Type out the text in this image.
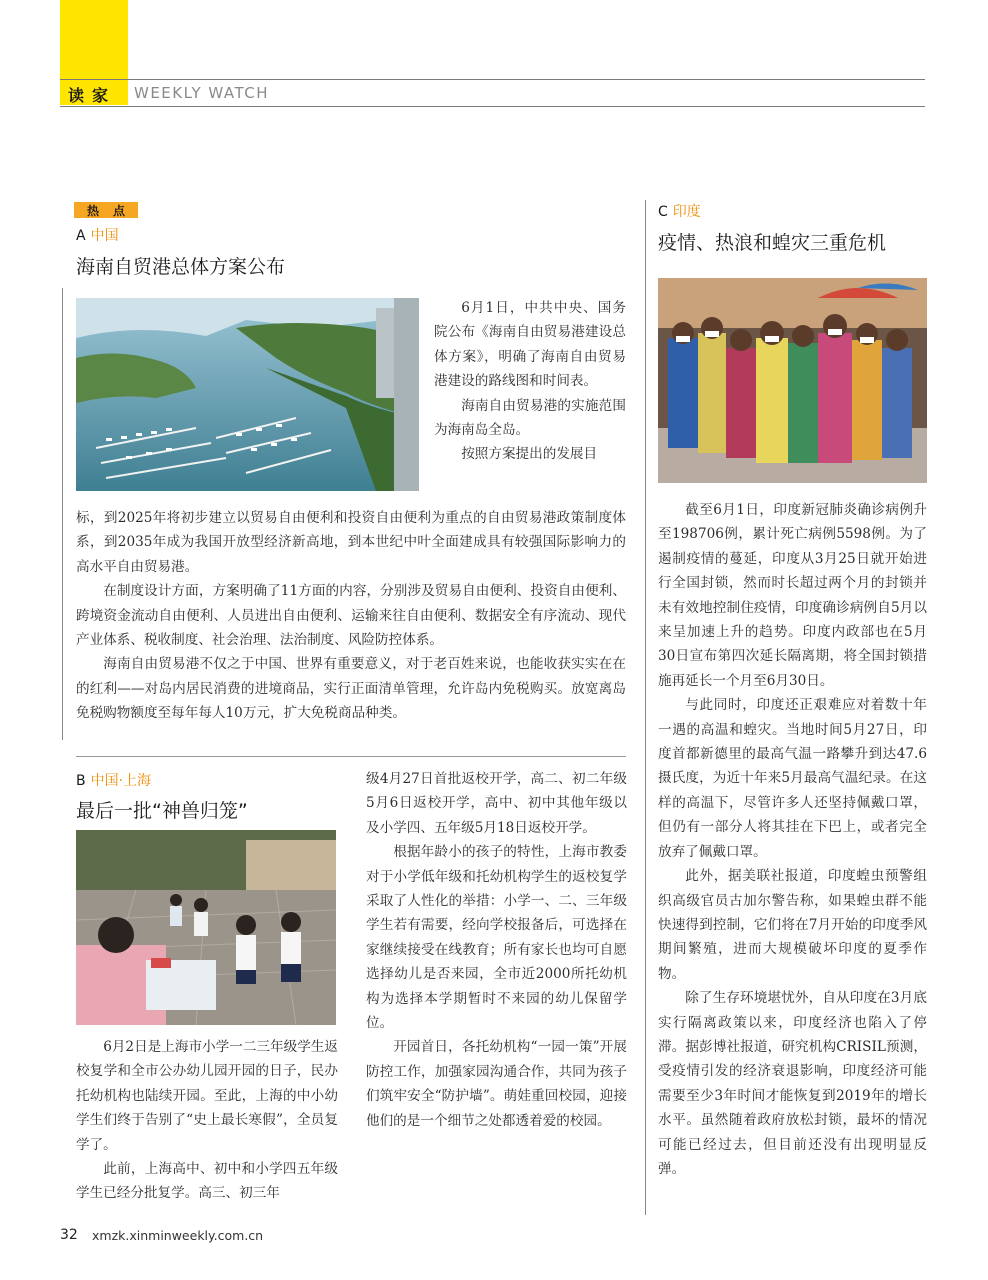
读家 WEEKLY WATCH
热 点
A 中国
海南自贸港总体方案公布

6月1日，中共中央、国务院公布《海南自由贸易港建设总体方案》，明确了海南自由贸易港建设的路线图和时间表。

海南自由贸易港的实施范围为海南岛全岛。

按照方案提出的发展目

标，到2025年将初步建立以贸易自由便利和投资自由便利为重点的自由贸易港政策制度体系，到2035年成为我国开放型经济新高地，到本世纪中叶全面建成具有较强国际影响力的高水平自由贸易港。

在制度设计方面，方案明确了11方面的内容，分别涉及贸易自由便利、投资自由便利、跨境资金流动自由便利、人员进出自由便利、运输来往自由便利、数据安全有序流动、现代产业体系、税收制度、社会治理、法治制度、风险防控体系。

海南自由贸易港不仅之于中国、世界有重要意义，对于老百姓来说，也能收获实实在在的红利——对岛内居民消费的进境商品，实行正面清单管理，允许岛内免税购买。放宽离岛免税购物额度至每年每人10万元，扩大免税商品种类。

B 中国·上海
最后一批“神兽归笼”

6月2日是上海市小学一二三年级学生返校复学和全市公办幼儿园开园的日子，民办托幼机构也陆续开园。至此，上海的中小幼学生们终于告别了“史上最长寒假”，全员复学了。

此前，上海高中、初中和小学四五年级学生已经分批复学。高三、初三年

级4月27日首批返校开学，高二、初二年级5月6日返校开学，高中、初中其他年级以及小学四、五年级5月18日返校开学。

根据年龄小的孩子的特性，上海市教委对于小学低年级和托幼机构学生的返校复学采取了人性化的举措：小学一、二、三年级学生若有需要，经向学校报备后，可选择在家继续接受在线教育；所有家长也均可自愿选择幼儿是否来园，全市近2000所托幼机构为选择本学期暂时不来园的幼儿保留学位。

开园首日，各托幼机构“一园一策”开展防控工作，加强家园沟通合作，共同为孩子们筑牢安全“防护墙”。萌娃重回校园，迎接他们的是一个细节之处都透着爱的校园。

C 印度
疫情、热浪和蝗灾三重危机

截至6月1日，印度新冠肺炎确诊病例升至198706例，累计死亡病例5598例。为了遏制疫情的蔓延，印度从3月25日就开始进行全国封锁，然而时长超过两个月的封锁并未有效地控制住疫情，印度确诊病例自5月以来呈加速上升的趋势。印度内政部也在5月30日宣布第四次延长隔离期，将全国封锁措施再延长一个月至6月30日。

与此同时，印度还正艰难应对着数十年一遇的高温和蝗灾。当地时间5月27日，印度首都新德里的最高气温一路攀升到达47.6摄氏度，为近十年来5月最高气温纪录。在这样的高温下，尽管许多人还坚持佩戴口罩，但仍有一部分人将其挂在下巴上，或者完全放弃了佩戴口罩。

此外，据美联社报道，印度蝗虫预警组织高级官员古加尔警告称，如果蝗虫群不能快速得到控制，它们将在7月开始的印度季风期间繁殖，进而大规模破坏印度的夏季作物。

除了生存环境堪忧外，自从印度在3月底实行隔离政策以来，印度经济也陷入了停滞。据彭博社报道，研究机构CRISIL预测，受疫情引发的经济衰退影响，印度经济可能需要至少3年时间才能恢复到2019年的增长水平。虽然随着政府放松封锁，最坏的情况可能已经过去，但目前还没有出现明显反弹。

32 xmzk.xinminweekly.com.cn
